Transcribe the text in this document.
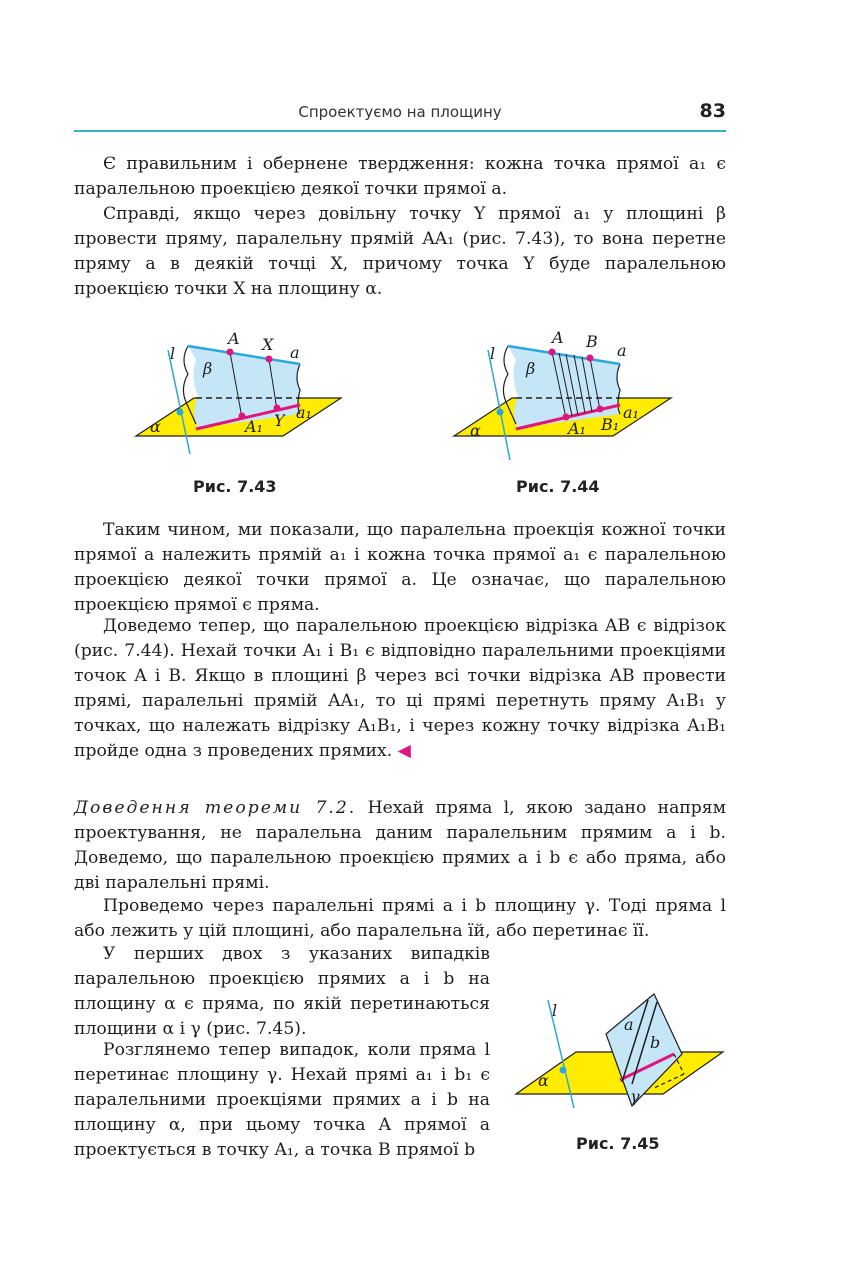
Спроектуємо на площину	83

Є правильним і обернене твердження: кожна точка прямої a₁ є паралельною проекцією деякої точки прямої a.

Справді, якщо через довільну точку Y прямої a₁ у площині β провести пряму, паралельну прямій AA₁ (рис. 7.43), то вона перетне пряму a в деякій точці X, причому точка Y буде паралельною проекцією точки X на площину α.

l
β
A X a
α	A₁ Y a₁
Рис. 7.43
l
β
A B a
α	A₁ B₁
a₁
Рис. 7.44

Таким чином, ми показали, що паралельна проекція кожної точки прямої a належить прямій a₁ і кожна точка прямої a₁ є паралельною проекцією деякої точки прямої a. Це означає, що паралельною проекцією прямої є пряма.

Доведемо тепер, що паралельною проекцією відрізка AB є відрізок (рис. 7.44). Нехай точки A₁ і B₁ є відповідно паралельними проекціями точок A і B. Якщо в площині β через всі точки відрізка AB провести прямі, паралельні прямій AA₁, то ці прямі перетнуть пряму A₁B₁ у точках, що належать відрізку A₁B₁, і через кожну точку відрізка A₁B₁ пройде одна з проведених прямих. ◀

Доведення теореми 7.2. Нехай пряма l, якою задано напрям проектування, не паралельна даним паралельним прямим a і b. Доведемо, що паралельною проекцією прямих a і b є або пряма, або дві паралельні прямі.

Проведемо через паралельні прямі a і b площину γ. Тоді пряма l або лежить у цій площині, або паралельна їй, або перетинає її.

У перших двох з указаних випадків паралельною проекцією прямих a і b на площину α є пряма, по якій перетинаються площини α і γ (рис. 7.45).

Розглянемо тепер випадок, коли пряма l перетинає площину γ. Нехай прямі a₁ і b₁ є паралельними проекціями прямих a і b на площину α, при цьому точка A прямої a проектується в точку A₁, а точка B прямої b

l
a
b
α
γ
Рис. 7.45
